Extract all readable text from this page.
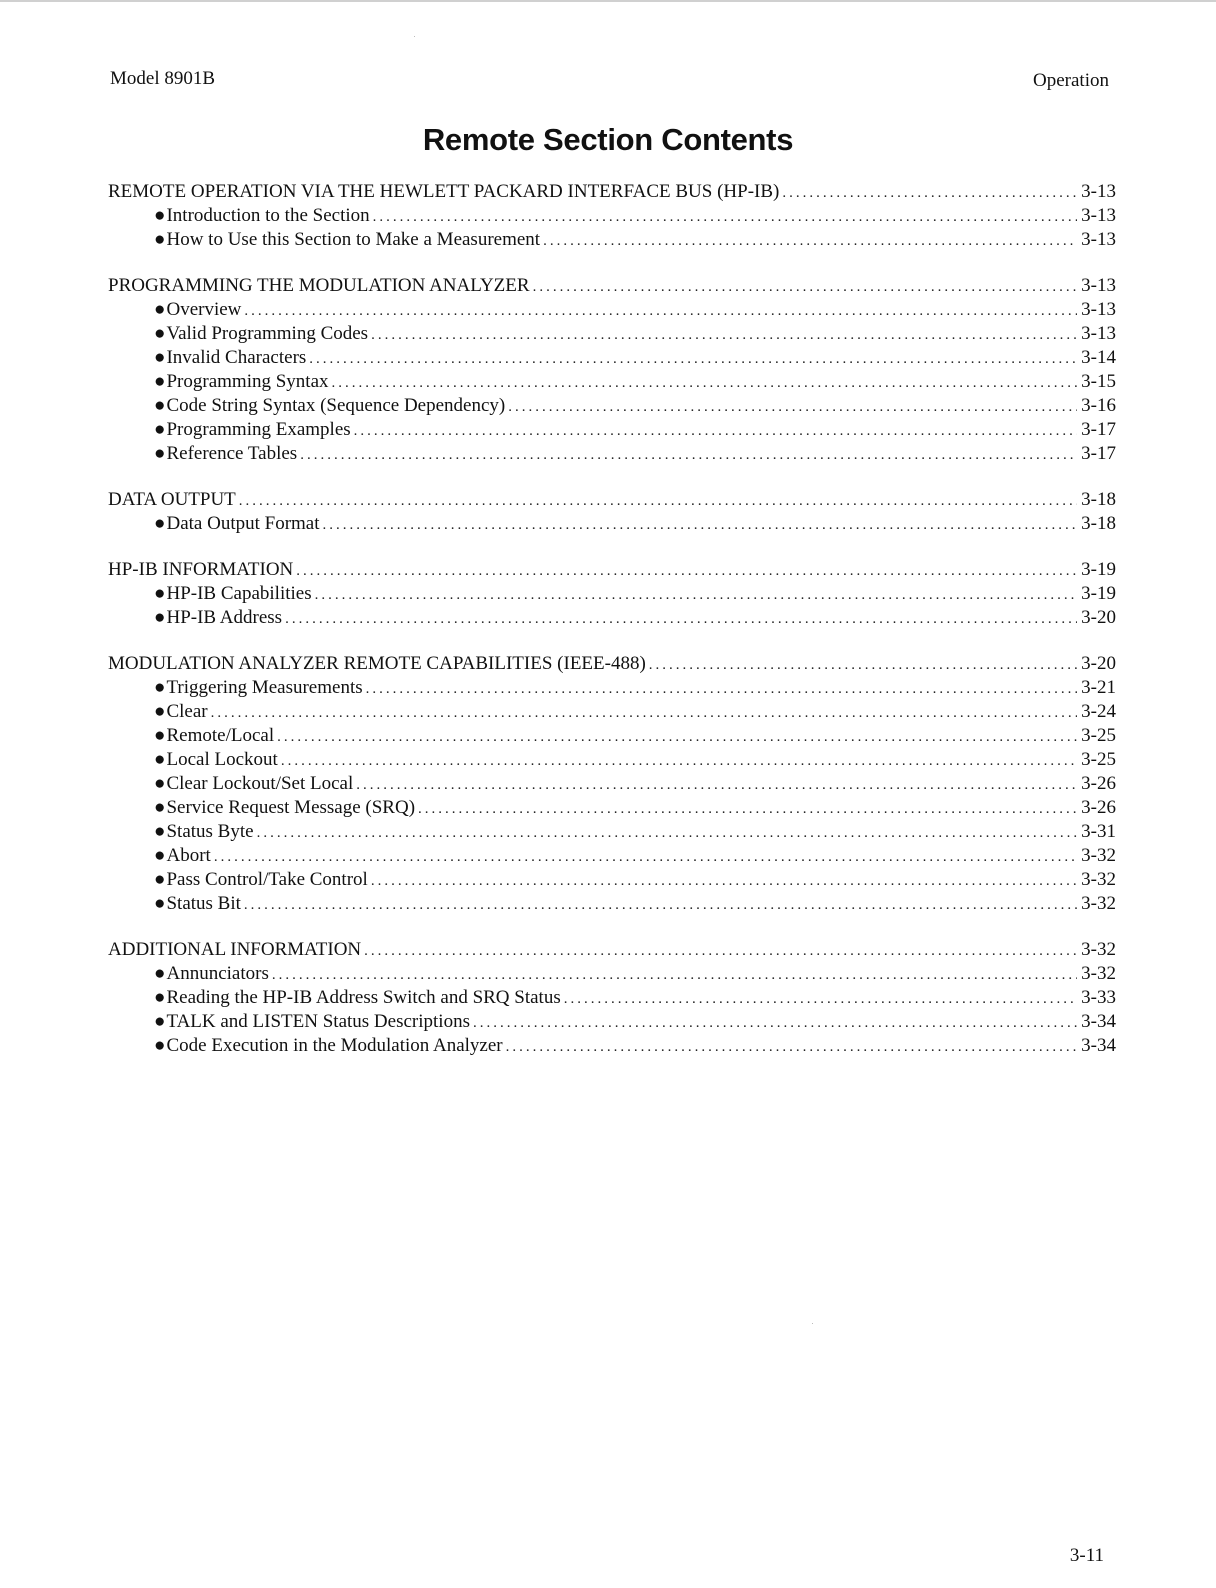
Model 8901B	Operation
Remote Section Contents
REMOTE OPERATION VIA THE HEWLETT PACKARD INTERFACE BUS (HP-IB) .....	3-13
●Introduction to the Section .....	3-13
●How to Use this Section to Make a Measurement .....	3-13
PROGRAMMING THE MODULATION ANALYZER .....	3-13
●Overview .....	3-13
●Valid Programming Codes .....	3-13
●Invalid Characters .....	3-14
●Programming Syntax .....	3-15
●Code String Syntax (Sequence Dependency) .....	3-16
●Programming Examples .....	3-17
●Reference Tables .....	3-17
DATA OUTPUT .....	3-18
●Data Output Format .....	3-18
HP-IB INFORMATION .....	3-19
●HP-IB Capabilities .....	3-19
●HP-IB Address .....	3-20
MODULATION ANALYZER REMOTE CAPABILITIES (IEEE-488) .....	3-20
●Triggering Measurements .....	3-21
●Clear .....	3-24
●Remote/Local .....	3-25
●Local Lockout .....	3-25
●Clear Lockout/Set Local .....	3-26
●Service Request Message (SRQ) .....	3-26
●Status Byte .....	3-31
●Abort .....	3-32
●Pass Control/Take Control .....	3-32
●Status Bit .....	3-32
ADDITIONAL INFORMATION .....	3-32
●Annunciators .....	3-32
●Reading the HP-IB Address Switch and SRQ Status .....	3-33
●TALK and LISTEN Status Descriptions .....	3-34
●Code Execution in the Modulation Analyzer .....	3-34
3-11
